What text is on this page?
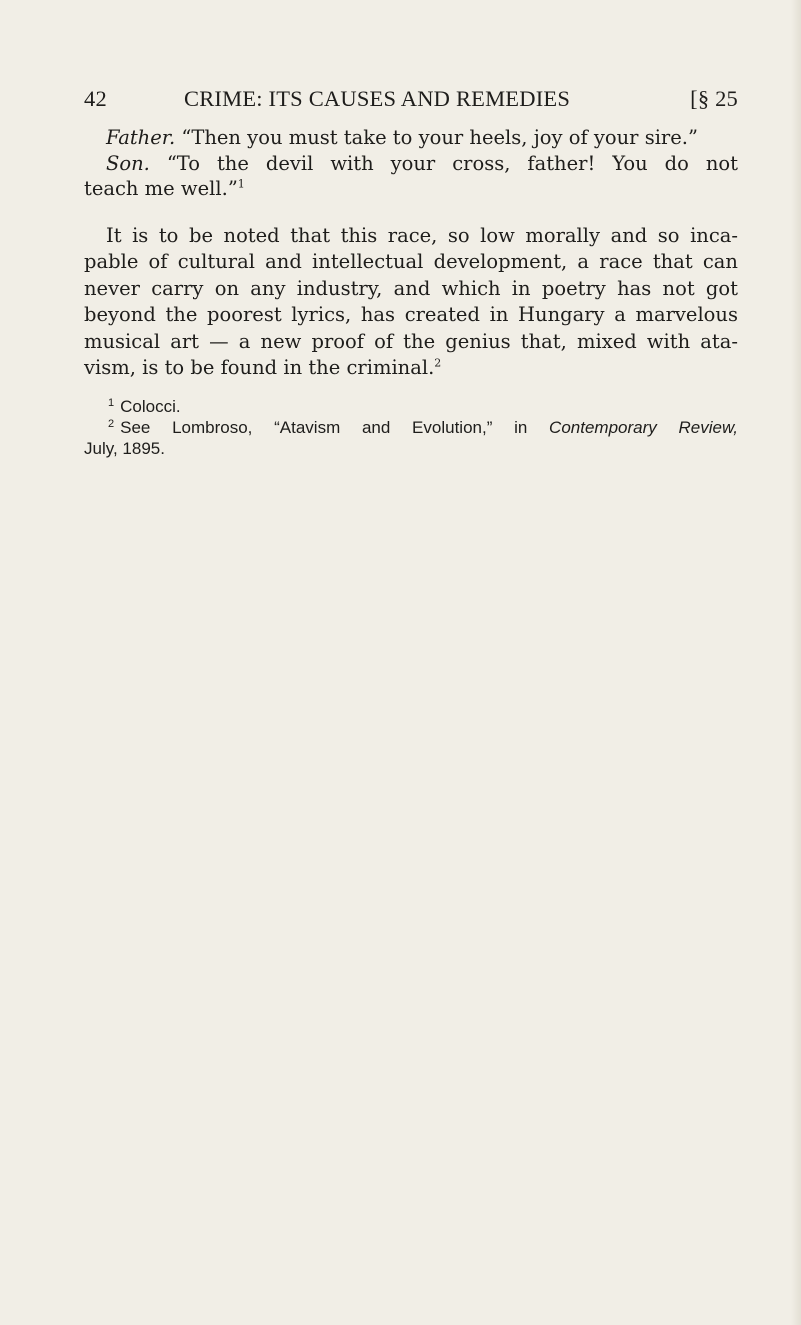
42	CRIME: ITS CAUSES AND REMEDIES	[§ 25
Father. “Then you must take to your heels, joy of your sire.”
Son. “To the devil with your cross, father! You do not
teach me well.”$^1$
It is to be noted that this race, so low morally and so inca-
pable of cultural and intellectual development, a race that can
never carry on any industry, and which in poetry has not got
beyond the poorest lyrics, has created in Hungary a marvelous
musical art — a new proof of the genius that, mixed with ata-
vism, is to be found in the criminal.$^2$
$^1$ Colocci.
$^2$ See Lombroso, “Atavism and Evolution,” in Contemporary Review,
July, 1895.
